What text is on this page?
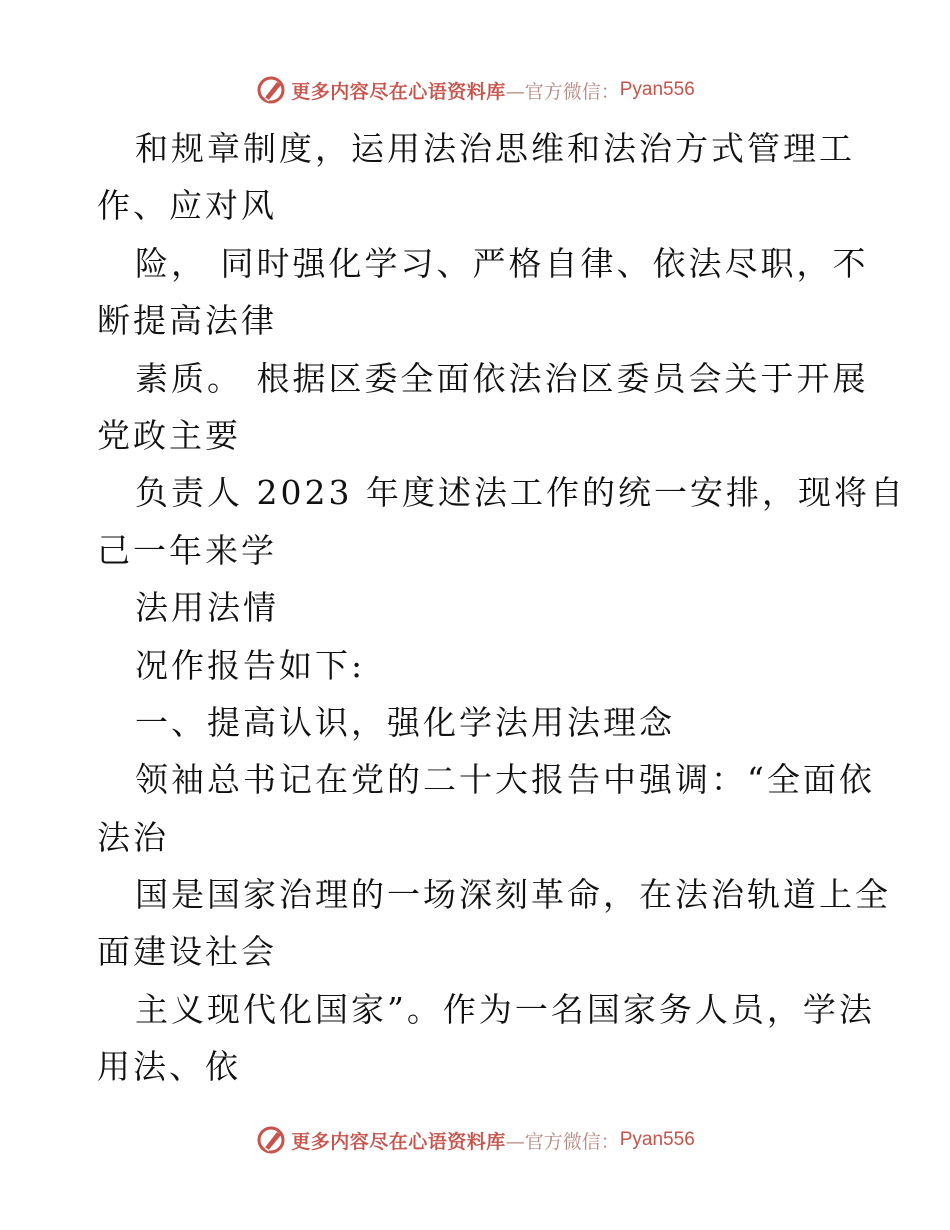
更多内容尽在心语资料库 —官方微信： Pyan556
和规章制度，运用法治思维和法治方式管理工
作、应对风
险， 同时强化学习、严格自律、依法尽职，不
断提高法律
素质。 根据区委全面依法治区委员会关于开展
党政主要
负责人 2023 年度述法工作的统一安排，现将自
己一年来学
法用法情
况作报告如下:
一、提高认识，强化学法用法理念
领袖总书记在党的二十大报告中强调：“全面依
法治
国是国家治理的一场深刻革命，在法治轨道上全
面建设社会
主义现代化国家”。作为一名国家务人员，学法
用法、依
更多内容尽在心语资料库 —官方微信： Pyan556
